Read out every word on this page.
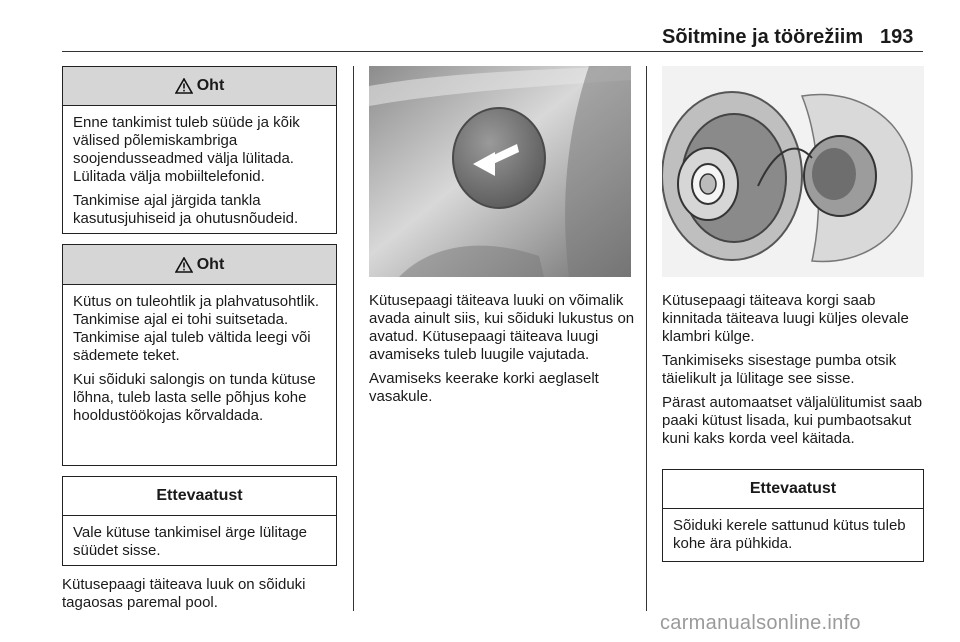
Sõitmine ja töörežiim 193
Oht

Enne tankimist tuleb süüde ja kõik välised põlemiskambriga soojendusseadmed välja lülitada. Lülitada välja mobiiltelefonid.

Tankimise ajal järgida tankla kasutusjuhiseid ja ohutusnõudeid.

Oht

Kütus on tuleohtlik ja plahvatusohtlik. Tankimise ajal ei tohi suitsetada. Tankimise ajal tuleb vältida leegi või sädemete teket.

Kui sõiduki salongis on tunda kütuse lõhna, tuleb lasta selle põhjus kohe hooldustöökojas kõrvaldada.

Ettevaatust

Vale kütuse tankimisel ärge lülitage süüdet sisse.

Kütusepaagi täiteava luuk on sõiduki tagaosas paremal pool.

Kütusepaagi täiteava luuki on võimalik avada ainult siis, kui sõiduki lukustus on avatud. Kütusepaagi täiteava luugi avamiseks tuleb luugile vajutada.

Avamiseks keerake korki aeglaselt vasakule.

Kütusepaagi täiteava korgi saab kinnitada täiteava luugi küljes olevale klambri külge.

Tankimiseks sisestage pumba otsik täielikult ja lülitage see sisse.

Pärast automaatset väljalülitumist saab paaki kütust lisada, kui pumbaotsakut kuni kaks korda veel käitada.

Ettevaatust

Sõiduki kerele sattunud kütus tuleb kohe ära pühkida.

carmanualsonline.info
